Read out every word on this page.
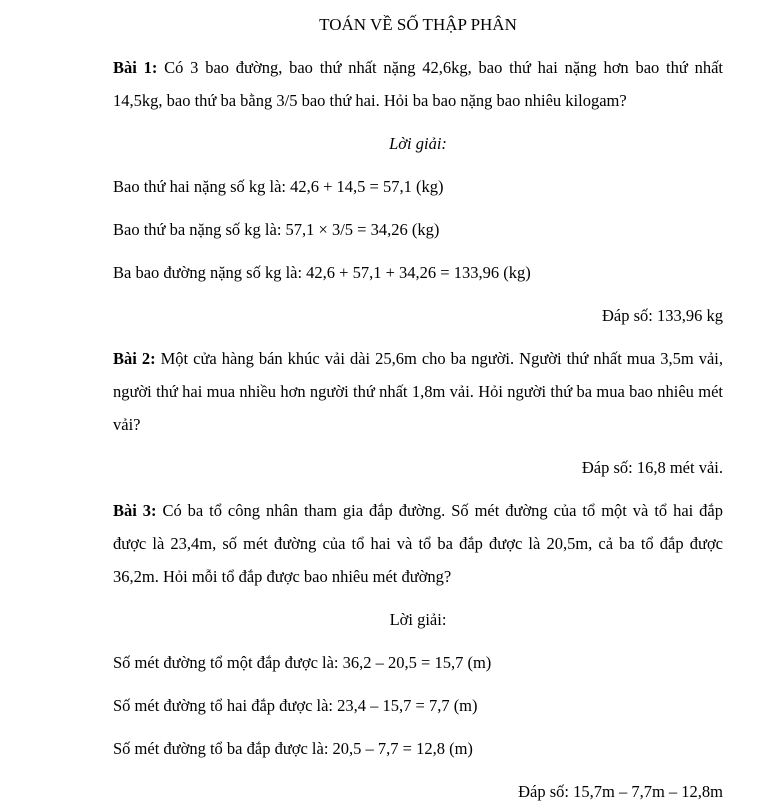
TOÁN VỀ SỐ THẬP PHÂN

Bài 1: Có 3 bao đường, bao thứ nhất nặng 42,6kg, bao thứ hai nặng hơn bao thứ nhất 14,5kg, bao thứ ba bằng 3/5 bao thứ hai. Hỏi ba bao nặng bao nhiêu kilogam?

Lời giải:

Bao thứ hai nặng số kg là: 42,6 + 14,5 = 57,1 (kg)

Bao thứ ba nặng số kg là: 57,1 × 3/5 = 34,26 (kg)

Ba bao đường nặng số kg là: 42,6 + 57,1 + 34,26 = 133,96 (kg)

Đáp số: 133,96 kg

Bài 2: Một cửa hàng bán khúc vải dài 25,6m cho ba người. Người thứ nhất mua 3,5m vải, người thứ hai mua nhiều hơn người thứ nhất 1,8m vải. Hỏi người thứ ba mua bao nhiêu mét vải?

Đáp số: 16,8 mét vải.

Bài 3: Có ba tổ công nhân tham gia đắp đường. Số mét đường của tổ một và tổ hai đắp được là 23,4m, số mét đường của tổ hai và tổ ba đắp được là 20,5m, cả ba tổ đắp được 36,2m. Hỏi mỗi tổ đắp được bao nhiêu mét đường?

Lời giải:

Số mét đường tổ một đắp được là: 36,2 – 20,5 = 15,7 (m)

Số mét đường tổ hai đắp được là: 23,4 – 15,7 = 7,7 (m)

Số mét đường tổ ba đắp được là: 20,5 – 7,7 = 12,8 (m)

Đáp số: 15,7m – 7,7m – 12,8m
